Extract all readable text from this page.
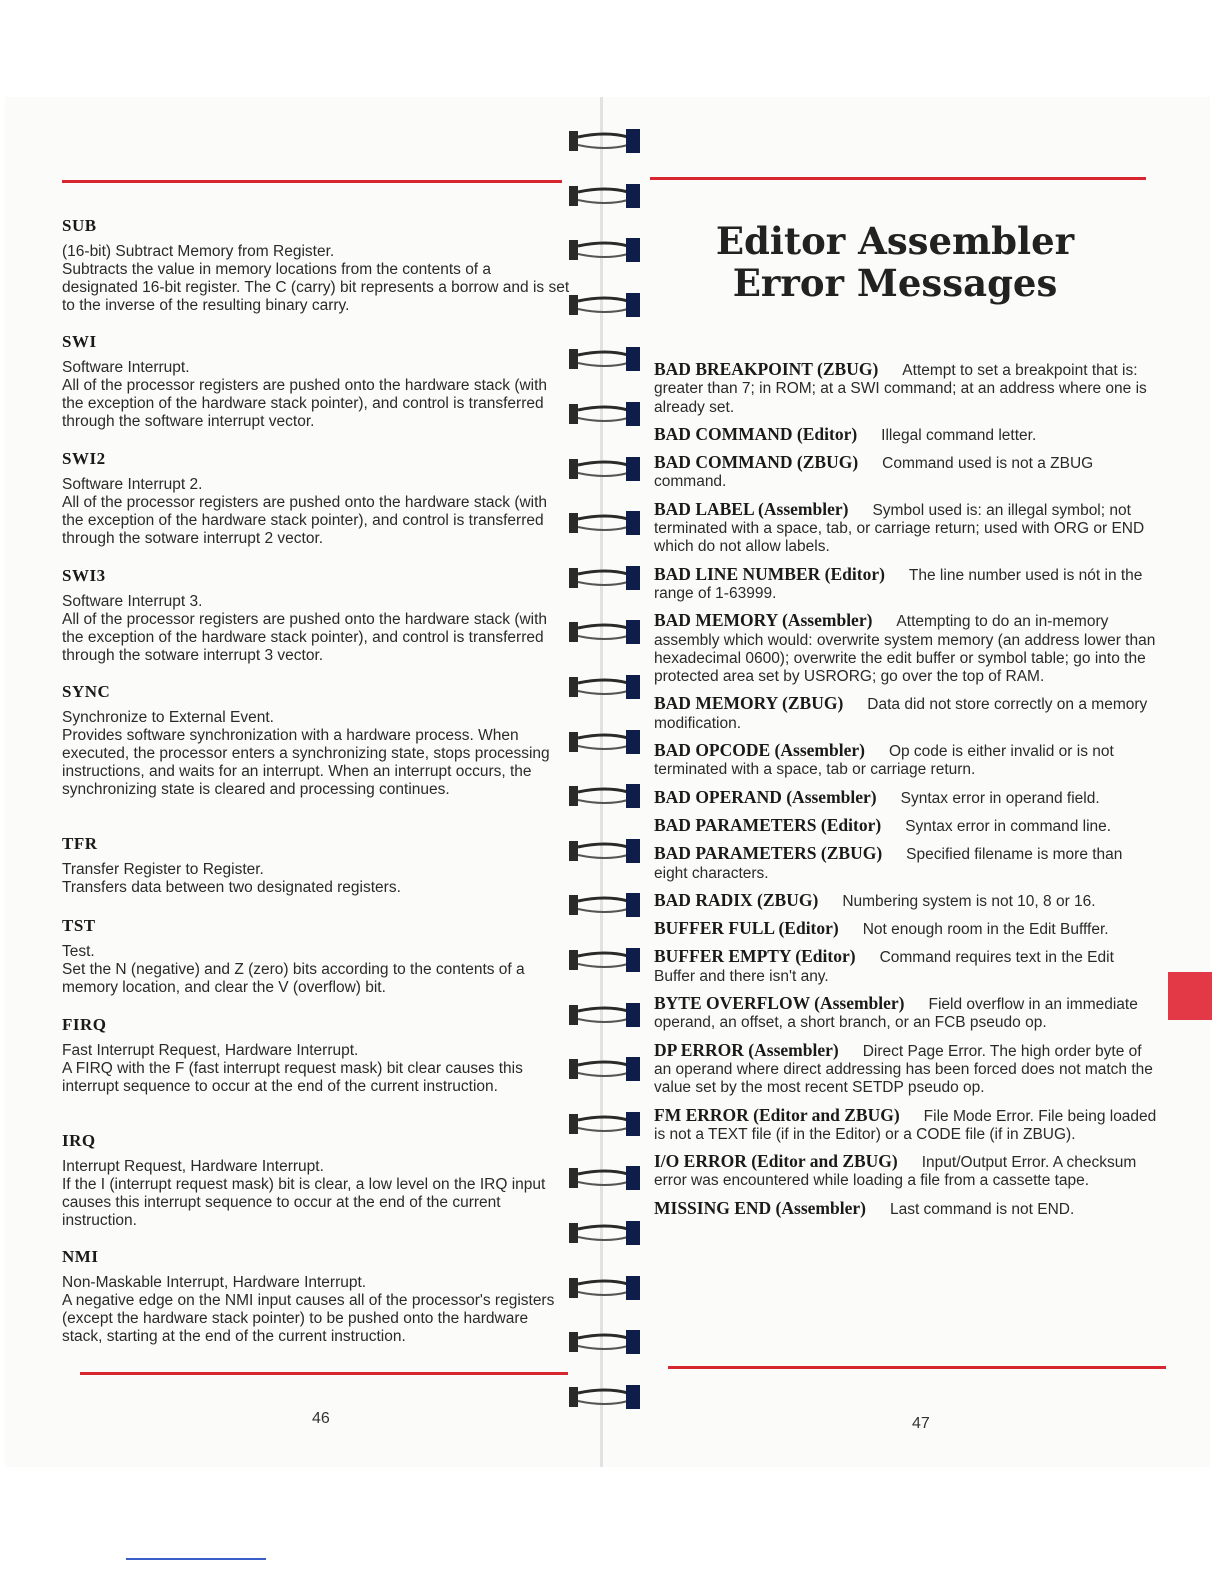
SUB
(16-bit) Subtract Memory from Register.
Subtracts the value in memory locations from the contents of a designated 16-bit register. The C (carry) bit represents a borrow and is set to the inverse of the resulting binary carry.
SWI
Software Interrupt.
All of the processor registers are pushed onto the hardware stack (with the exception of the hardware stack pointer), and control is transferred through the software interrupt vector.
SWI2
Software Interrupt 2.
All of the processor registers are pushed onto the hardware stack (with the exception of the hardware stack pointer), and control is transferred through the sotware interrupt 2 vector.
SWI3
Software Interrupt 3.
All of the processor registers are pushed onto the hardware stack (with the exception of the hardware stack pointer), and control is transferred through the sotware interrupt 3 vector.
SYNC
Synchronize to External Event.
Provides software synchronization with a hardware process. When executed, the processor enters a synchronizing state, stops processing instructions, and waits for an interrupt. When an interrupt occurs, the synchronizing state is cleared and processing continues.
TFR
Transfer Register to Register.
Transfers data between two designated registers.
TST
Test.
Set the N (negative) and Z (zero) bits according to the contents of a memory location, and clear the V (overflow) bit.
FIRQ
Fast Interrupt Request, Hardware Interrupt.
A FIRQ with the F (fast interrupt request mask) bit clear causes this interrupt sequence to occur at the end of the current instruction.
IRQ
Interrupt Request, Hardware Interrupt.
If the I (interrupt request mask) bit is clear, a low level on the IRQ input causes this interrupt sequence to occur at the end of the current instruction.
NMI
Non-Maskable Interrupt, Hardware Interrupt.
A negative edge on the NMI input causes all of the processor's registers (except the hardware stack pointer) to be pushed onto the hardware stack, starting at the end of the current instruction.
46
Editor Assembler
Error Messages
BAD BREAKPOINT (ZBUG) Attempt to set a breakpoint that is: greater than 7; in ROM; at a SWI command; at an address where one is already set.
BAD COMMAND (Editor) Illegal command letter.
BAD COMMAND (ZBUG) Command used is not a ZBUG command.
BAD LABEL (Assembler) Symbol used is: an illegal symbol; not terminated with a space, tab, or carriage return; used with ORG or END which do not allow labels.
BAD LINE NUMBER (Editor) The line number used is nót in the range of 1-63999.
BAD MEMORY (Assembler) Attempting to do an in-memory assembly which would: overwrite system memory (an address lower than hexadecimal 0600); overwrite the edit buffer or symbol table; go into the protected area set by USRORG; go over the top of RAM.
BAD MEMORY (ZBUG) Data did not store correctly on a memory modification.
BAD OPCODE (Assembler) Op code is either invalid or is not terminated with a space, tab or carriage return.
BAD OPERAND (Assembler) Syntax error in operand field.
BAD PARAMETERS (Editor) Syntax error in command line.
BAD PARAMETERS (ZBUG) Specified filename is more than eight characters.
BAD RADIX (ZBUG) Numbering system is not 10, 8 or 16.
BUFFER FULL (Editor) Not enough room in the Edit Bufffer.
BUFFER EMPTY (Editor) Command requires text in the Edit Buffer and there isn't any.
BYTE OVERFLOW (Assembler) Field overflow in an immediate operand, an offset, a short branch, or an FCB pseudo op.
DP ERROR (Assembler) Direct Page Error. The high order byte of an operand where direct addressing has been forced does not match the value set by the most recent SETDP pseudo op.
FM ERROR (Editor and ZBUG) File Mode Error. File being loaded is not a TEXT file (if in the Editor) or a CODE file (if in ZBUG).
I/O ERROR (Editor and ZBUG) Input/Output Error. A checksum error was encountered while loading a file from a cassette tape.
MISSING END (Assembler) Last command is not END.
47
